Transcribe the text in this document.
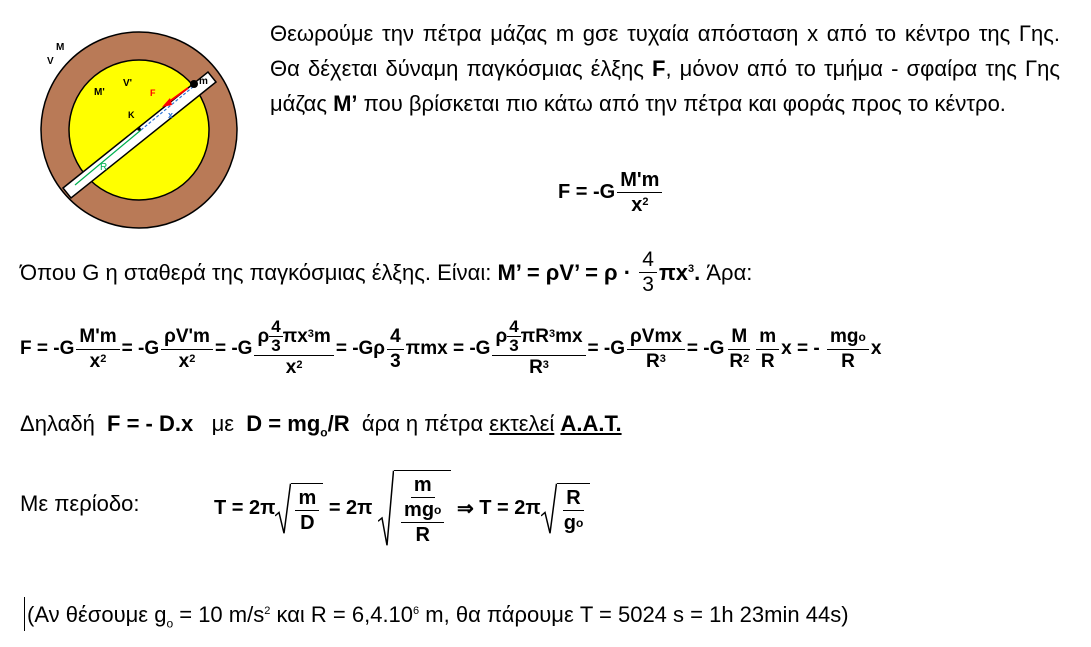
M
V
M'
V'	m
F
K	x
R
Θεωρούμε την πέτρα μάζας m gσε τυχαία απόσταση x από το κέντρο της Γης. Θα δέχεται δύναμη παγκόσμιας έλξης F, μόνον από το τμήμα - σφαίρα της Γης μάζας M’ που βρίσκεται πιο κάτω από την πέτρα και φοράς προς το κέντρο.
$F = -G \frac{M'm}{x^2}$
Όπου G η σταθερά της παγκόσμιας έλξης. Είναι:
M’ = ρV’ = ρ ·
$\frac{4}{3} \pi x^3$.
Άρα:
$F = -G \frac{M'm}{x^2} = -G \frac{\rho V'm}{x^2} = -G$ ρ 4
3 $\pi x^3$ m
$x^2 = -G\rho \frac{4}{3}$ πmx
= -G ρ 4
3 $\pi R^3$ mx
$R^3 = -G \frac{\text{ρVmx}}{R^3} = -G \frac{M}{R^2} \frac{m}{R}$ x = -
$\frac{\text{mg o}}{R}$ x
Δηλαδή F = - D.x με $D = mg_o/R$ άρα η πέτρα εκτελεί Α.Α.Τ.
Με περίοδο:	$T = 2\pi \frac{m}{D}$
= 2π
$\frac{m}{\frac{\text{mg o}}{R}}$
⇒
$T = 2\pi \frac{R}{\text{g o}}$
(Αν θέσουμε $g_o = 10$ $m/s^2$ και $R = 6,4.10^6$ m, θα πάρουμε T = 5024 s = 1h 23min 44s)
